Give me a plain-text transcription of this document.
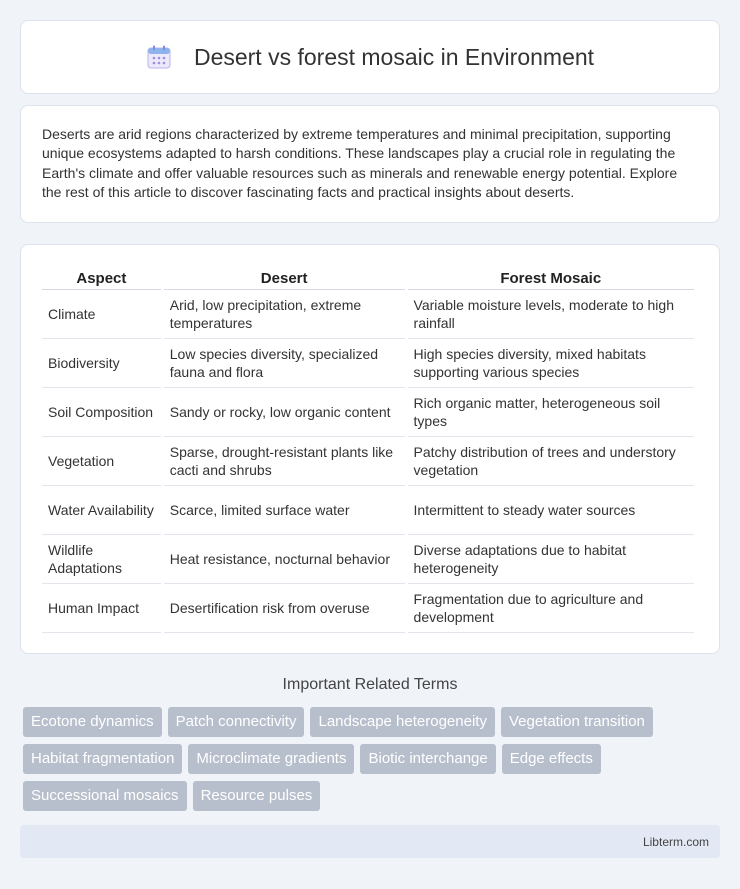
Desert vs forest mosaic in Environment

Deserts are arid regions characterized by extreme temperatures and minimal precipitation, supporting unique ecosystems adapted to harsh conditions. These landscapes play a crucial role in regulating the Earth's climate and offer valuable resources such as minerals and renewable energy potential. Explore the rest of this article to discover fascinating facts and practical insights about deserts.

Aspect	Desert	Forest Mosaic
Climate	Arid, low precipitation, extreme temperatures	Variable moisture levels, moderate to high rainfall
Biodiversity	Low species diversity, specialized fauna and flora	High species diversity, mixed habitats supporting various species
Soil Composition	Sandy or rocky, low organic content	Rich organic matter, heterogeneous soil types
Vegetation	Sparse, drought-resistant plants like cacti and shrubs	Patchy distribution of trees and understory vegetation
Water Availability	Scarce, limited surface water	Intermittent to steady water sources
Wildlife Adaptations	Heat resistance, nocturnal behavior	Diverse adaptations due to habitat heterogeneity
Human Impact	Desertification risk from overuse	Fragmentation due to agriculture and development
Important Related Terms
Ecotone dynamics	Patch connectivity	Landscape heterogeneity	Vegetation transition
Habitat fragmentation	Microclimate gradients	Biotic interchange	Edge effects
Successional mosaics	Resource pulses
Libterm.com
